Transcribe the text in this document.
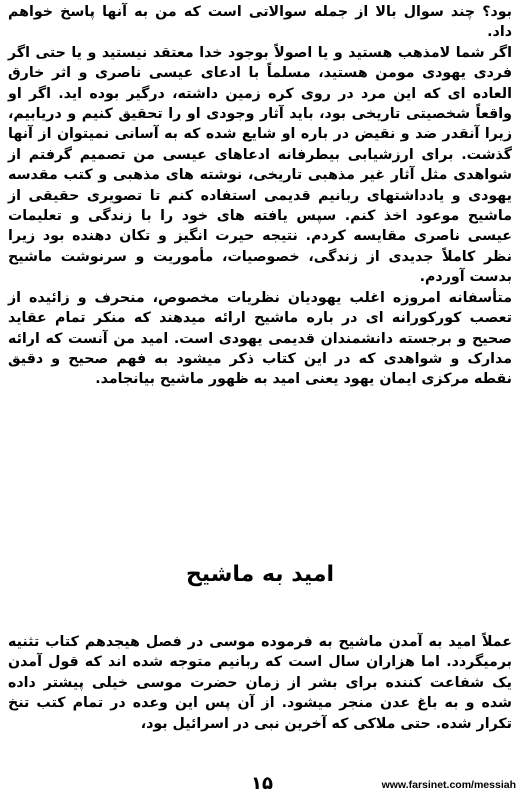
بود؟ چند سوال بالا از جمله سوالاتی است که من به آنها پاسخ خواهم داد.

اگر شما لامذهب هستید و یا اصولاً بوجود خدا معتقد نیستید و یا حتی اگر فردی یهودی مومن هستید، مسلماً با ادعای عیسی ناصری و اثر خارق العاده ای که این مرد در روی کره زمین داشته، درگیر بوده اید. اگر او واقعاً شخصیتی تاریخی بود، باید آثار وجودی او را تحقیق کنیم و دریابیم، زیرا آنقدر ضد و نقیض در باره او شایع شده که به آسانی نمیتوان از آنها گذشت. برای ارزشیابی بیطرفانه ادعاهای عیسی من تصمیم گرفتم از شواهدی مثل آثار غیر مذهبی تاریخی، نوشته های مذهبی و کتب مقدسه یهودی و یادداشتهای ربانیم قدیمی استفاده کنم تا تصویری حقیقی از ماشیح موعود اخذ کنم. سپس یافته های خود را با زندگی و تعلیمات عیسی ناصری مقایسه کردم. نتیجه حیرت انگیز و تکان دهنده بود زیرا نظر کاملاً جدیدی از زندگی، خصوصیات، مأموریت و سرنوشت ماشیح بدست آوردم.

متأسفانه امروزه اغلب یهودیان نظریات مخصوص، منحرف و زائیده از تعصب کورکورانه ای در باره ماشیح ارائه میدهند که منکر تمام عقاید صحیح و برجسته دانشمندان قدیمی یهودی است. امید من آنست که ارائه مدارک و شواهدی که در این کتاب ذکر میشود به فهم صحیح و دقیق نقطه مرکزی ایمان یهود یعنی امید به ظهور ماشیح بیانجامد.

امید به ماشیح

عملاً امید به آمدن ماشیح به فرموده موسی در فصل هیجدهم کتاب تثنیه برمیگردد. اما هزاران سال است که ربانیم متوجه شده اند که قول آمدن یک شفاعت کننده برای بشر از زمان حضرت موسی خیلی پیشتر داده شده و به باغ عدن منجر میشود. از آن پس این وعده در تمام کتب تنخ تکرار شده. حتی ملاکی که آخرین نبی در اسرائیل بود،

۱۵	www.farsinet.com/messiah
